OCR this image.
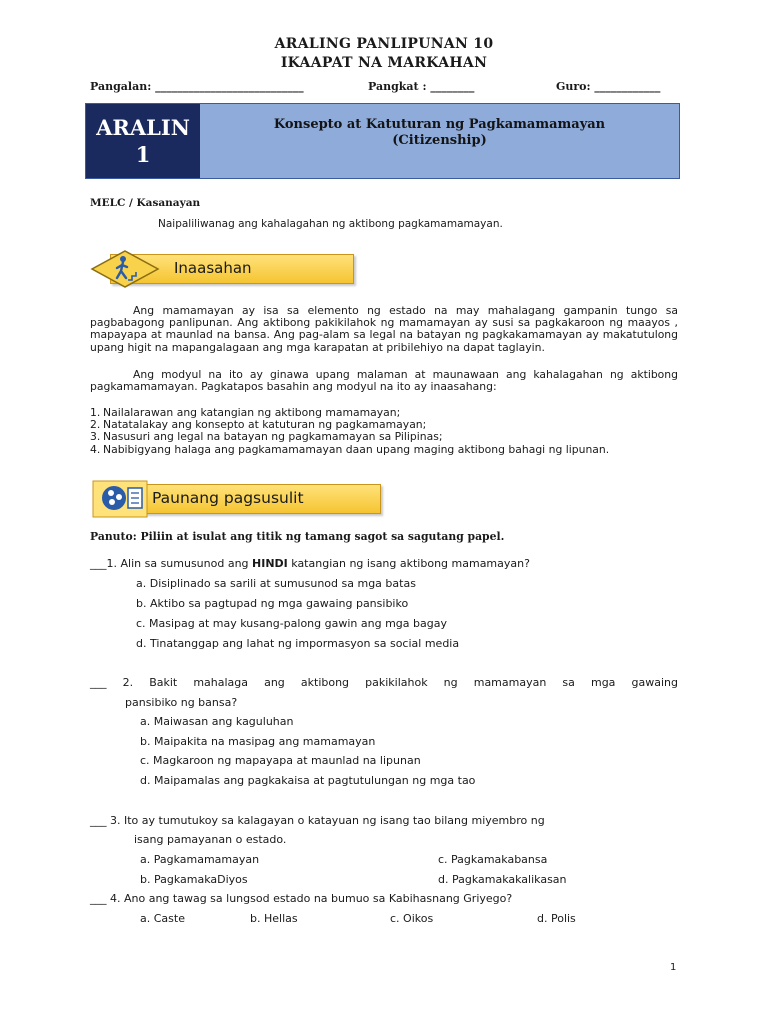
ARALING PANLIPUNAN 10
IKAAPAT NA MARKAHAN
Pangalan: ___________________________	Pangkat : ________	Guro: ____________
ARALIN
1
Konsepto at Katuturan ng Pagkamamamayan
(Citizenship)
MELC / Kasanayan
Naipaliliwanag ang kahalagahan ng aktibong pagkamamamayan.
Inaasahan

Ang mamamayan ay isa sa elemento ng estado na may mahalagang gampanin tungo sa pagbabagong panlipunan. Ang aktibong pakikilahok ng mamamayan ay susi sa pagkakaroon ng maayos , mapayapa at maunlad na bansa. Ang pag-alam sa legal na batayan ng pagkakamamayan ay makatutulong upang higit na mapangalagaan ang mga karapatan at pribilehiyo na dapat taglayin.

Ang modyul na ito ay ginawa upang malaman at maunawaan ang kahalagahan ng aktibong pagkamamamayan. Pagkatapos basahin ang modyul na ito ay inaasahang:

1. Nailalarawan ang katangian ng aktibong mamamayan;
2. Natatalakay ang konsepto at katuturan ng pagkamamayan;
3. Nasusuri ang legal na batayan ng pagkamamayan sa Pilipinas;
4. Nabibigyang halaga ang pagkamamamayan daan upang maging aktibong bahagi ng lipunan.
Paunang pagsusulit
Panuto: Piliin at isulat ang titik ng tamang sagot sa sagutang papel.
___1. Alin sa sumusunod ang HINDI katangian ng isang aktibong mamamayan?
a. Disiplinado sa sarili at sumusunod sa mga batas
b. Aktibo sa pagtupad ng mga gawaing pansibiko
c. Masipag at may kusang-palong gawin ang mga bagay
d. Tinatanggap ang lahat ng impormasyon sa social media
___ 2. Bakit mahalaga ang aktibong pakikilahok ng mamamayan sa mga gawaing
pansibiko ng bansa?
a. Maiwasan ang kaguluhan
b. Maipakita na masipag ang mamamayan
c. Magkaroon ng mapayapa at maunlad na lipunan
d. Maipamalas ang pagkakaisa at pagtutulungan ng mga tao
___ 3. Ito ay tumutukoy sa kalagayan o katayuan ng isang tao bilang miyembro ng
isang pamayanan o estado.
a. Pagkamamamayan	c. Pagkamakabansa
b. PagkamakaDiyos	d. Pagkamakakalikasan
___ 4. Ano ang tawag sa lungsod estado na bumuo sa Kabihasnang Griyego?
a. Caste	b. Hellas	c. Oikos	d. Polis
1
